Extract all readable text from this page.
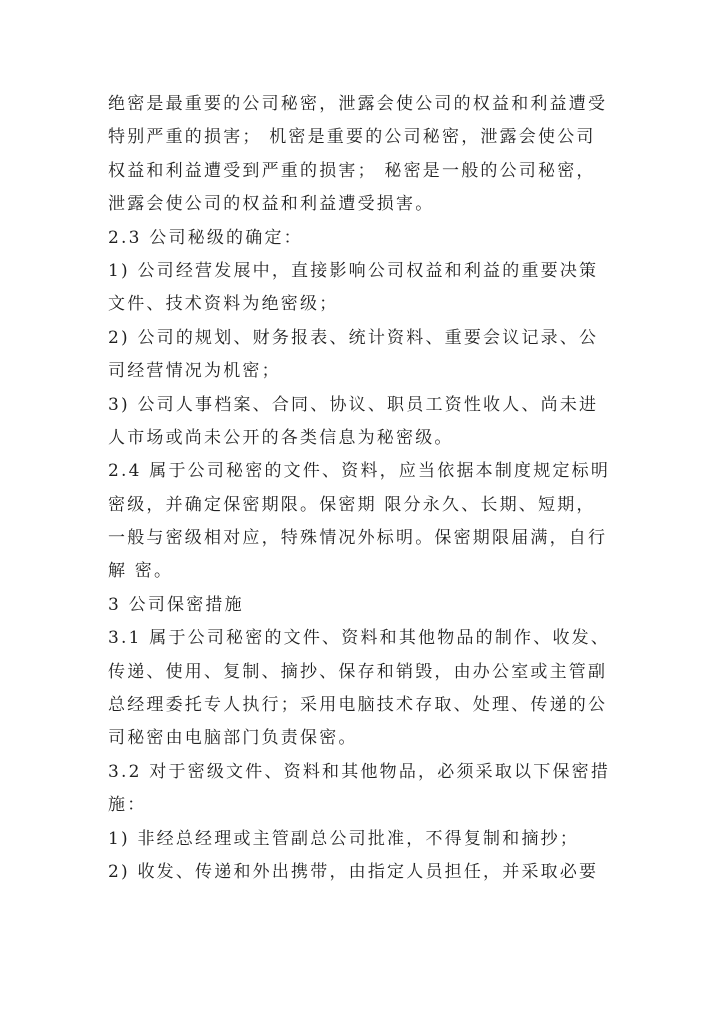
绝密是最重要的公司秘密，泄露会使公司的权益和利益遭受
特别严重的损害； 机密是重要的公司秘密，泄露会使公司
权益和利益遭受到严重的损害； 秘密是一般的公司秘密，
泄露会使公司的权益和利益遭受损害。
2.3 公司秘级的确定：
1) 公司经营发展中，直接影响公司权益和利益的重要决策
文件、技术资料为绝密级；
2) 公司的规划、财务报表、统计资料、重要会议记录、公
司经营情况为机密；
3) 公司人事档案、合同、协议、职员工资性收人、尚未进
人市场或尚未公开的各类信息为秘密级。
2.4 属于公司秘密的文件、资料，应当依据本制度规定标明
密级，并确定保密期限。保密期 限分永久、长期、短期，
一般与密级相对应，特殊情况外标明。保密期限届满，自行
解 密。
3 公司保密措施
3.1 属于公司秘密的文件、资料和其他物品的制作、收发、
传递、使用、复制、摘抄、保存和销毁，由办公室或主管副
总经理委托专人执行；采用电脑技术存取、处理、传递的公
司秘密由电脑部门负责保密。
3.2 对于密级文件、资料和其他物品，必须采取以下保密措
施：
1) 非经总经理或主管副总公司批准，不得复制和摘抄；
2) 收发、传递和外出携带，由指定人员担任，并采取必要
